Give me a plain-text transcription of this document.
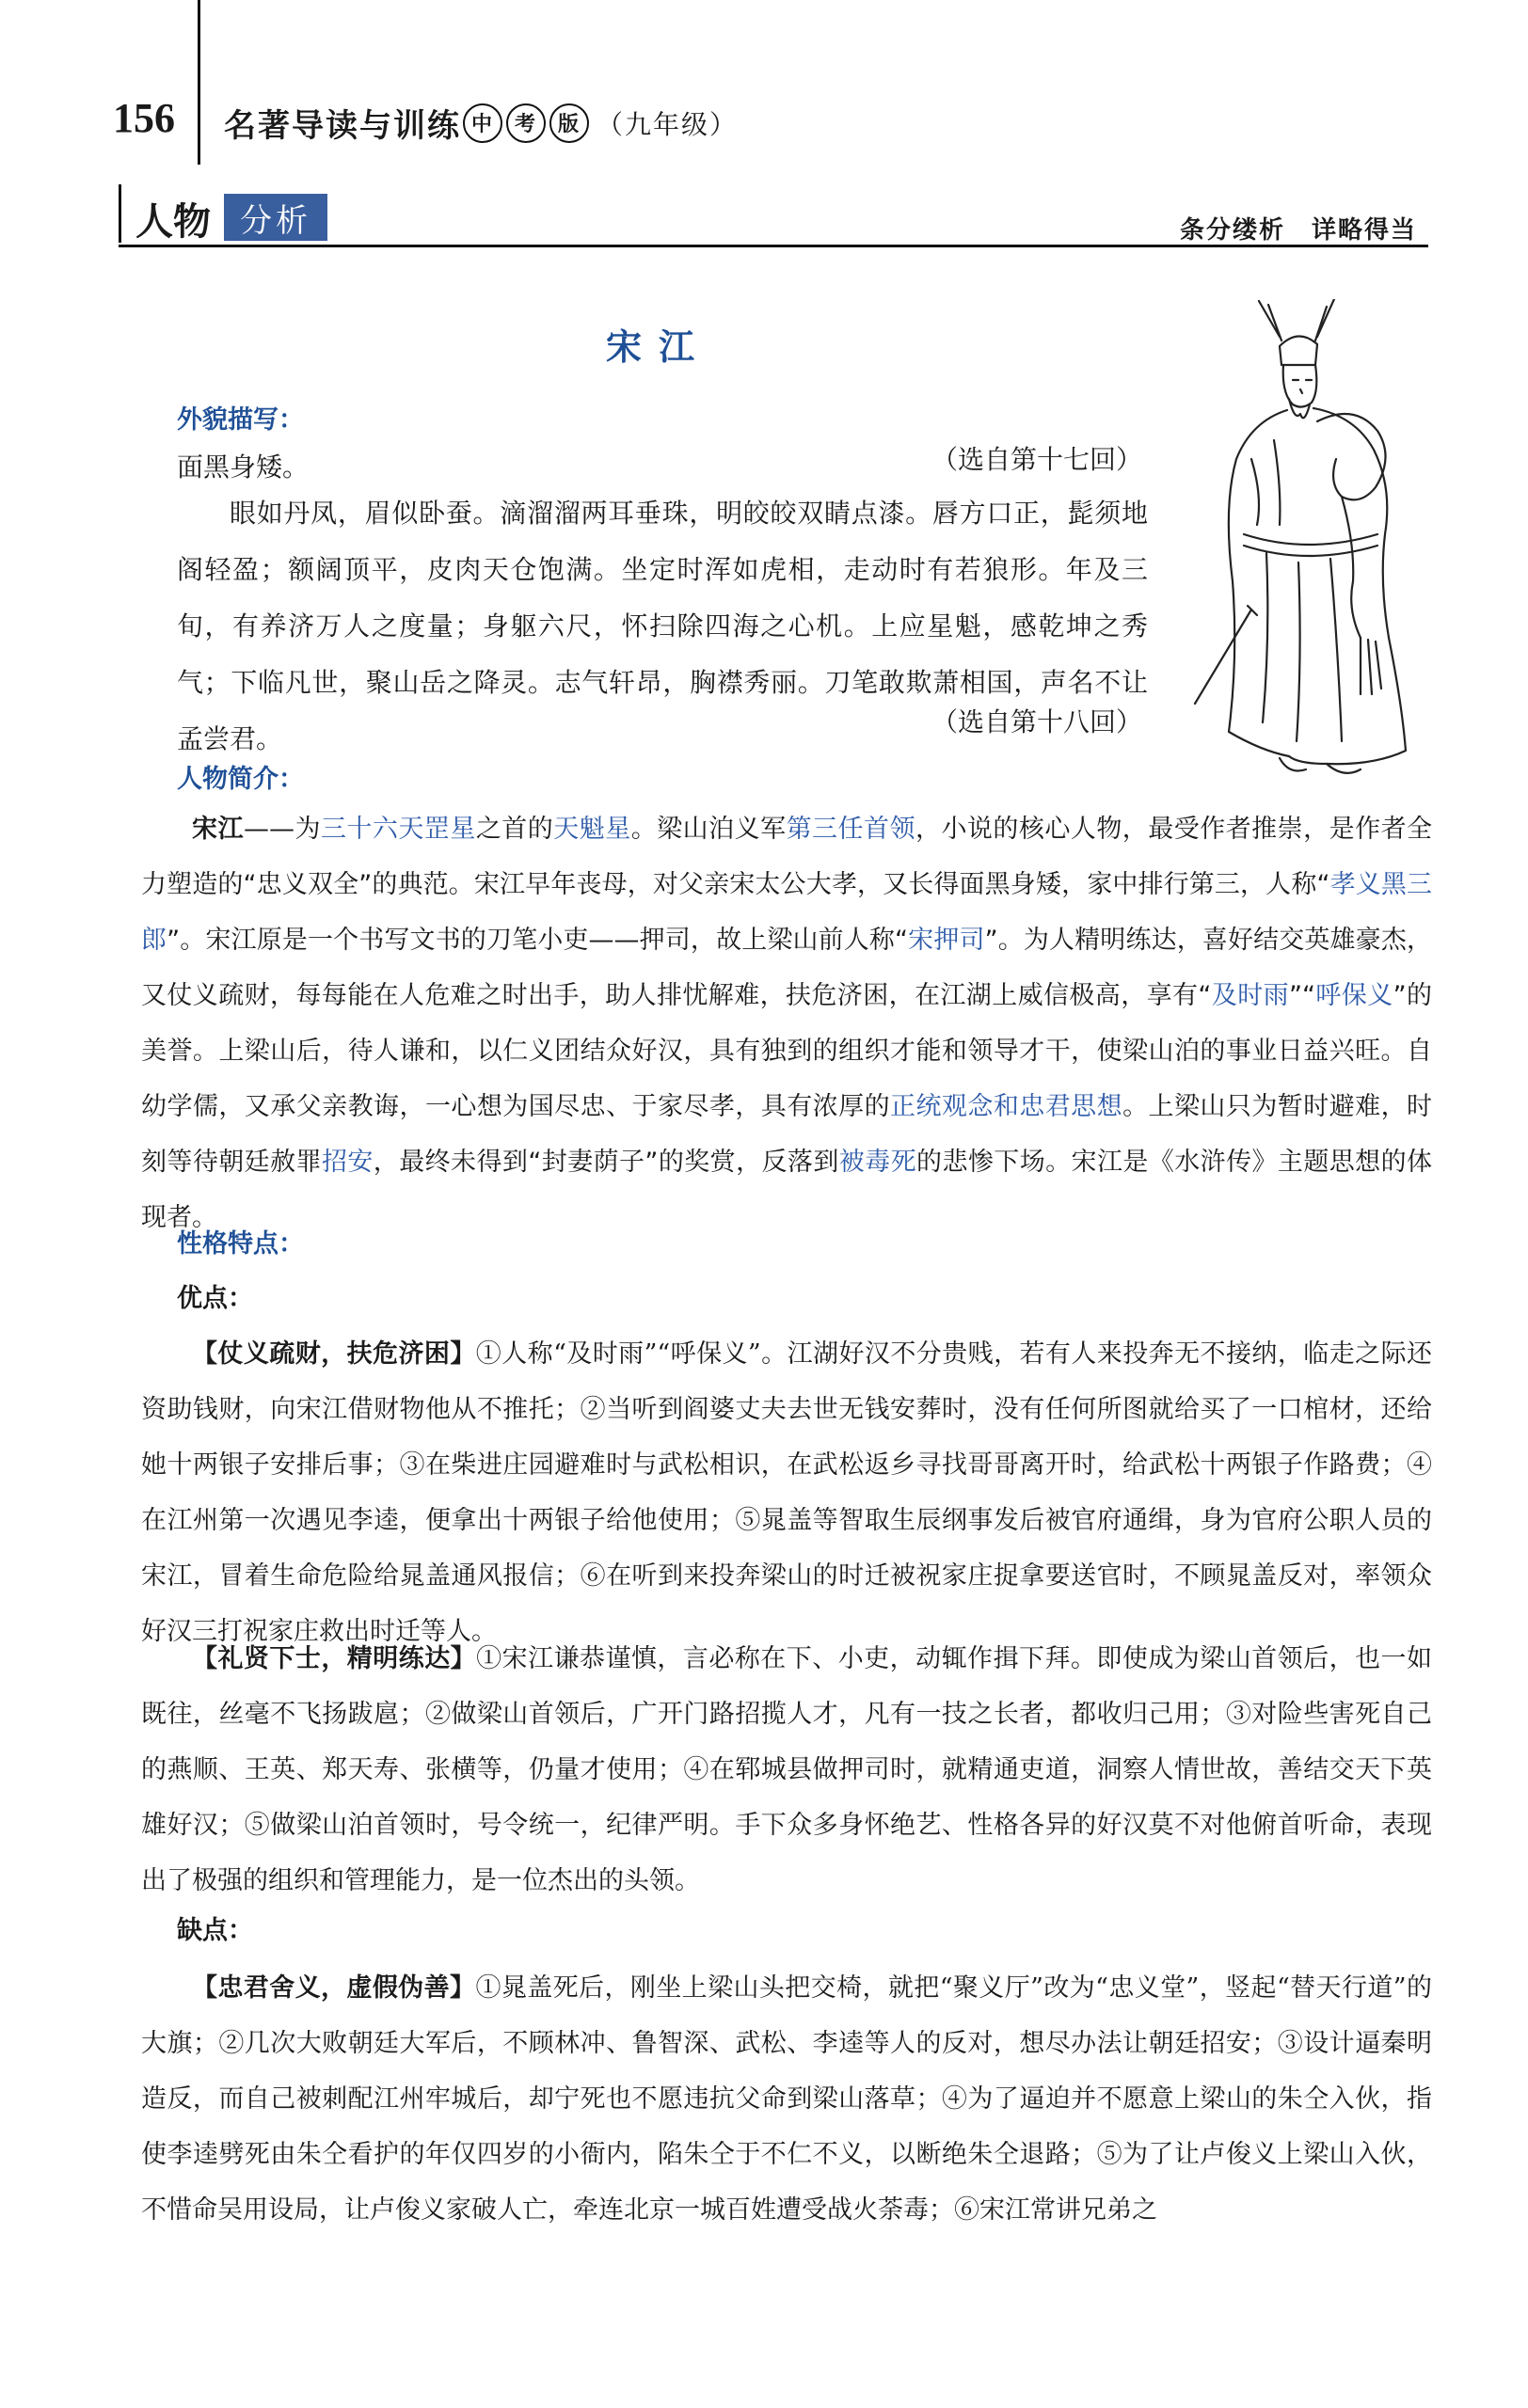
156 名著导读与训练 中 考 版 （九年级）
人物 分析	条分缕析　详略得当
宋江
外貌描写：
面黑身矮。	（选自第十七回）
眼如丹凤，眉似卧蚕。滴溜溜两耳垂珠，明皎皎双睛点漆。唇方口正，髭须地阁轻盈；额阔顶平，皮肉天仓饱满。坐定时浑如虎相，走动时有若狼形。年及三旬，有养济万人之度量；身躯六尺，怀扫除四海之心机。上应星魁，感乾坤之秀气；下临凡世，聚山岳之降灵。志气轩昂，胸襟秀丽。刀笔敢欺萧相国，声名不让孟尝君。
（选自第十八回）
人物简介：
宋江——为三十六天罡星之首的天魁星。梁山泊义军第三任首领，小说的核心人物，最受作者推崇，是作者全力塑造的“忠义双全”的典范。宋江早年丧母，对父亲宋太公大孝，又长得面黑身矮，家中排行第三，人称“孝义黑三郎”。宋江原是一个书写文书的刀笔小吏——押司，故上梁山前人称“宋押司”。为人精明练达，喜好结交英雄豪杰，又仗义疏财，每每能在人危难之时出手，助人排忧解难，扶危济困，在江湖上威信极高，享有“及时雨”“呼保义”的美誉。上梁山后，待人谦和，以仁义团结众好汉，具有独到的组织才能和领导才干，使梁山泊的事业日益兴旺。自幼学儒，又承父亲教诲，一心想为国尽忠、于家尽孝，具有浓厚的正统观念和忠君思想。上梁山只为暂时避难，时刻等待朝廷赦罪招安，最终未得到“封妻荫子”的奖赏，反落到被毒死的悲惨下场。宋江是《水浒传》主题思想的体现者。
性格特点：
优点：
【仗义疏财，扶危济困】①人称“及时雨”“呼保义”。江湖好汉不分贵贱，若有人来投奔无不接纳，临走之际还资助钱财，向宋江借财物他从不推托；②当听到阎婆丈夫去世无钱安葬时，没有任何所图就给买了一口棺材，还给她十两银子安排后事；③在柴进庄园避难时与武松相识，在武松返乡寻找哥哥离开时，给武松十两银子作路费；④在江州第一次遇见李逵，便拿出十两银子给他使用；⑤晁盖等智取生辰纲事发后被官府通缉，身为官府公职人员的宋江，冒着生命危险给晁盖通风报信；⑥在听到来投奔梁山的时迁被祝家庄捉拿要送官时，不顾晁盖反对，率领众好汉三打祝家庄救出时迁等人。
【礼贤下士，精明练达】①宋江谦恭谨慎，言必称在下、小吏，动辄作揖下拜。即使成为梁山首领后，也一如既往，丝毫不飞扬跋扈；②做梁山首领后，广开门路招揽人才，凡有一技之长者，都收归己用；③对险些害死自己的燕顺、王英、郑天寿、张横等，仍量才使用；④在郓城县做押司时，就精通吏道，洞察人情世故，善结交天下英雄好汉；⑤做梁山泊首领时，号令统一，纪律严明。手下众多身怀绝艺、性格各异的好汉莫不对他俯首听命，表现出了极强的组织和管理能力，是一位杰出的头领。
缺点：
【忠君舍义，虚假伪善】①晁盖死后，刚坐上梁山头把交椅，就把“聚义厅”改为“忠义堂”，竖起“替天行道”的大旗；②几次大败朝廷大军后，不顾林冲、鲁智深、武松、李逵等人的反对，想尽办法让朝廷招安；③设计逼秦明造反，而自己被刺配江州牢城后，却宁死也不愿违抗父命到梁山落草；④为了逼迫并不愿意上梁山的朱仝入伙，指使李逵劈死由朱仝看护的年仅四岁的小衙内，陷朱仝于不仁不义，以断绝朱仝退路；⑤为了让卢俊义上梁山入伙，不惜命吴用设局，让卢俊义家破人亡，牵连北京一城百姓遭受战火荼毒；⑥宋江常讲兄弟之
